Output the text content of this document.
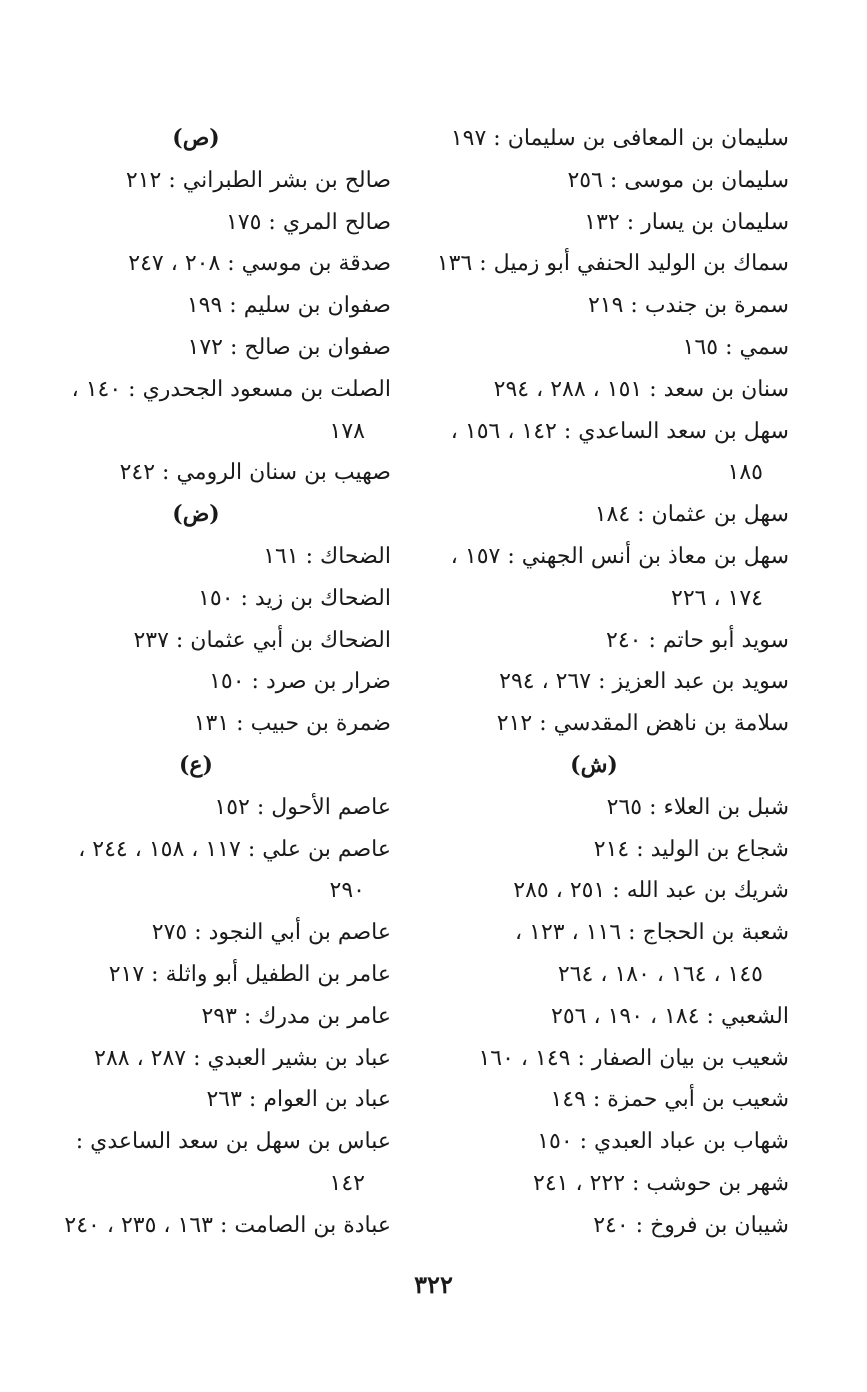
سليمان بن المعافى بن سليمان : ١٩٧
سليمان بن موسى : ٢٥٦
سليمان بن يسار : ١٣٢
سماك بن الوليد الحنفي أبو زميل : ١٣٦
سمرة بن جندب : ٢١٩
سمي : ١٦٥
سنان بن سعد : ١٥١ ، ٢٨٨ ، ٢٩٤
سهل بن سعد الساعدي : ١٤٢ ، ١٥٦ ،
١٨٥
سهل بن عثمان : ١٨٤
سهل بن معاذ بن أنس الجهني : ١٥٧ ،
١٧٤ ، ٢٢٦
سويد أبو حاتم : ٢٤٠
سويد بن عبد العزيز : ٢٦٧ ، ٢٩٤
سلامة بن ناهض المقدسي : ٢١٢
(ش)
شبل بن العلاء : ٢٦٥
شجاع بن الوليد : ٢١٤
شريك بن عبد الله : ٢٥١ ، ٢٨٥
شعبة بن الحجاج : ١١٦ ، ١٢٣ ،
١٤٥ ، ١٦٤ ، ١٨٠ ، ٢٦٤
الشعبي : ١٨٤ ، ١٩٠ ، ٢٥٦
شعيب بن بيان الصفار : ١٤٩ ، ١٦٠
شعيب بن أبي حمزة : ١٤٩
شهاب بن عباد العبدي : ١٥٠
شهر بن حوشب : ٢٢٢ ، ٢٤١
شيبان بن فروخ : ٢٤٠
(ص)
صالح بن بشر الطبراني : ٢١٢
صالح المري : ١٧٥
صدقة بن موسي : ٢٠٨ ، ٢٤٧
صفوان بن سليم : ١٩٩
صفوان بن صالح : ١٧٢
الصلت بن مسعود الجحدري : ١٤٠ ،
١٧٨
صهيب بن سنان الرومي : ٢٤٢
(ض)
الضحاك : ١٦١
الضحاك بن زيد : ١٥٠
الضحاك بن أبي عثمان : ٢٣٧
ضرار بن صرد : ١٥٠
ضمرة بن حبيب : ١٣١
(ع)
عاصم الأحول : ١٥٢
عاصم بن علي : ١١٧ ، ١٥٨ ، ٢٤٤ ،
٢٩٠
عاصم بن أبي النجود : ٢٧٥
عامر بن الطفيل أبو واثلة : ٢١٧
عامر بن مدرك : ٢٩٣
عباد بن بشير العبدي : ٢٨٧ ، ٢٨٨
عباد بن العوام : ٢٦٣
عباس بن سهل بن سعد الساعدي :
١٤٢
عبادة بن الصامت : ١٦٣ ، ٢٣٥ ، ٢٤٠
٣٢٢
